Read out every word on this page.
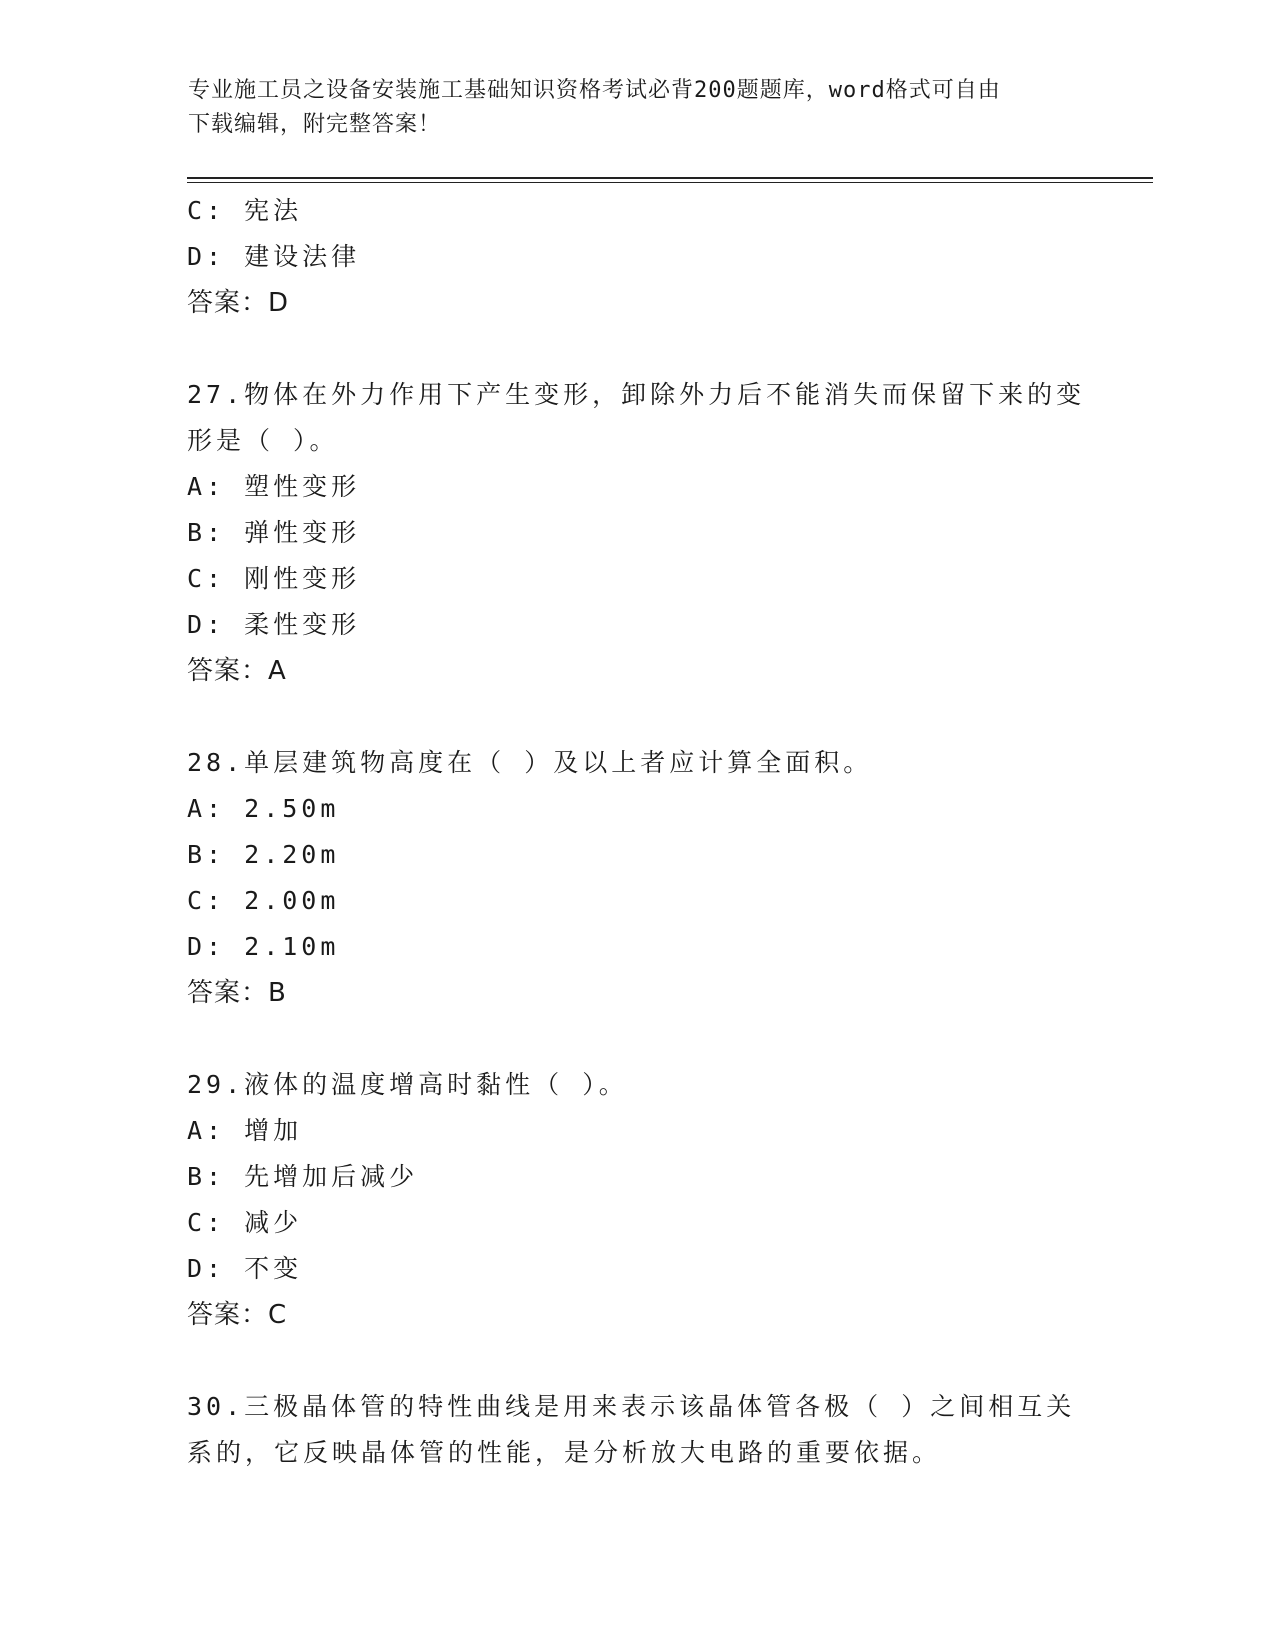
专业施工员之设备安装施工基础知识资格考试必背200题题库，word格式可自由
下载编辑，附完整答案！
C: 宪法
D: 建设法律
答案：D
27.物体在外力作用下产生变形，卸除外力后不能消失而保留下来的变
形是（ ）。
A: 塑性变形
B: 弹性变形
C: 刚性变形
D: 柔性变形
答案：A
28.单层建筑物高度在（ ）及以上者应计算全面积。
A: 2.50m
B: 2.20m
C: 2.00m
D: 2.10m
答案：B
29.液体的温度增高时黏性（ ）。
A: 增加
B: 先增加后减少
C: 减少
D: 不变
答案：C
30.三极晶体管的特性曲线是用来表示该晶体管各极（ ）之间相互关
系的，它反映晶体管的性能，是分析放大电路的重要依据。
